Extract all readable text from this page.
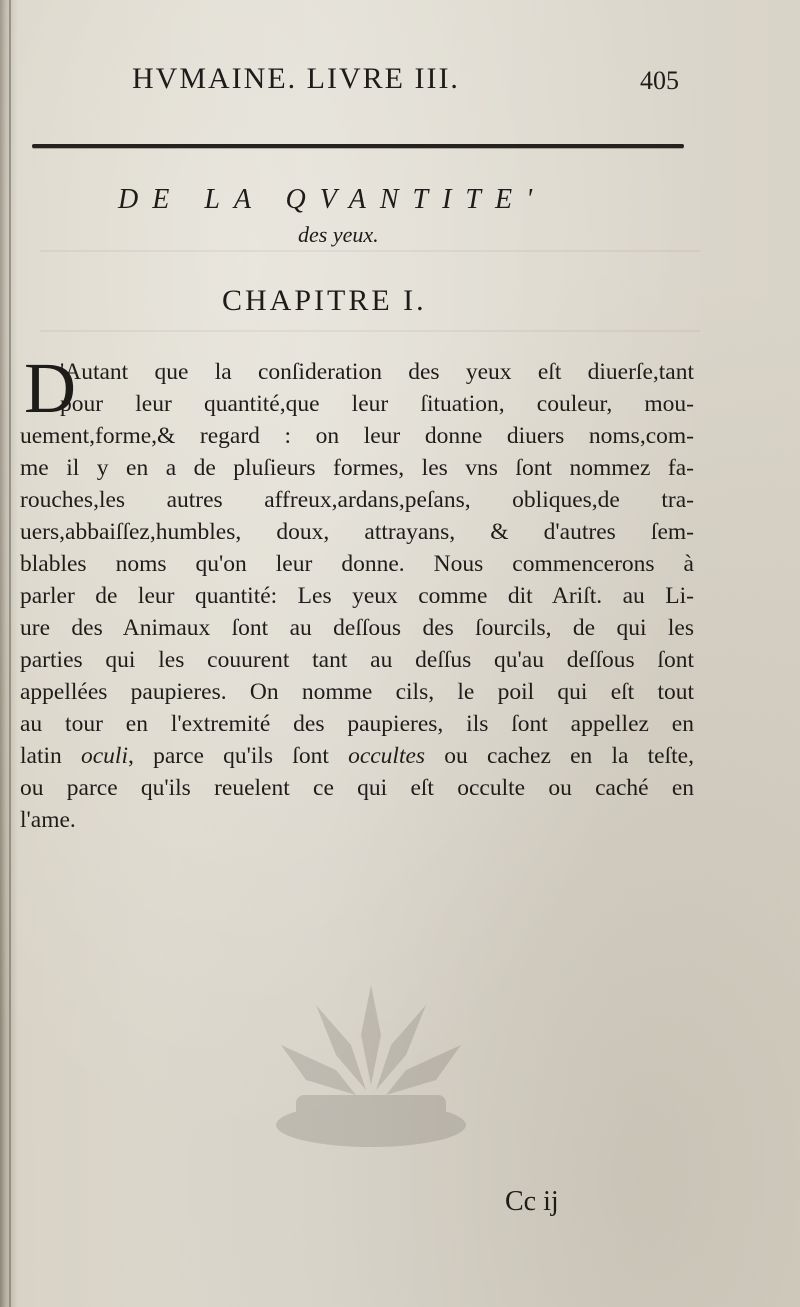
HVMAINE. LIVRE III.	405
DE LA QVANTITE'
des yeux.
CHAPITRE I.
D
'Autant que la conſideration des yeux eſt diuerſe,tant
pour leur quantité,que leur ſituation, couleur, mou-
uement,forme,& regard : on leur donne diuers noms,com-
me il y en a de pluſieurs formes, les vns ſont nommez fa-
rouches,les autres affreux,ardans,peſans, obliques,de tra-
uers,abbaiſſez,humbles, doux, attrayans, & d'autres ſem-
blables noms qu'on leur donne. Nous commencerons à
parler de leur quantité: Les yeux comme dit Ariſt. au Li-
ure des Animaux ſont au deſſous des ſourcils, de qui les
parties qui les couurent tant au deſſus qu'au deſſous ſont
appellées paupieres. On nomme cils, le poil qui eſt tout
au tour en l'extremité des paupieres, ils ſont appellez en
latin oculi, parce qu'ils ſont occultes ou cachez en la teſte,
ou parce qu'ils reuelent ce qui eſt occulte ou caché en
l'ame.
Cc ij
